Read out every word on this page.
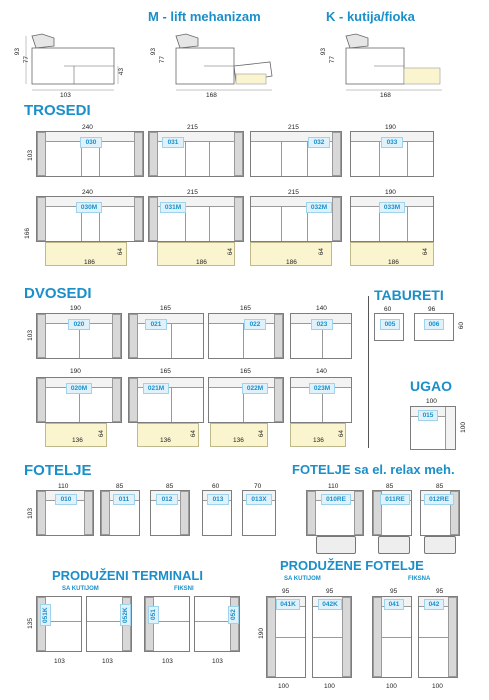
M - lift mehanizam	K - kutija/fioka
93
77
43
103
93
77
168
93
77
168
TROSEDI
103
166
240
030
215
031
215
032
190
033
240
030M
186
64
215
031M
186
64
215
032M
186
64
190
033M
186
64
DVOSEDI
103
190
020
165
021
165
022
140
023
190
020M
136
64
165
021M
136
64
165
022M
136
64
140
023M
136
64
TABURETI
60
005
96
006	60
UGAO
100
015
100
FOTELJE
103
110
010
85
011
85
012
60
013
70
013X
FOTELJE sa el. relax meh.
110
010RE
85
011RE
85
012RE
PRODUŽENI TERMINALI
SA KUTIJOM	FIKSNI
135
051K
103
052K
103
051
103
052
103
PRODUŽENE FOTELJE
SA KUTIJOM	FIKSNA
190
95
041K
100
95
042K
100
95
041
100
95
042
100
